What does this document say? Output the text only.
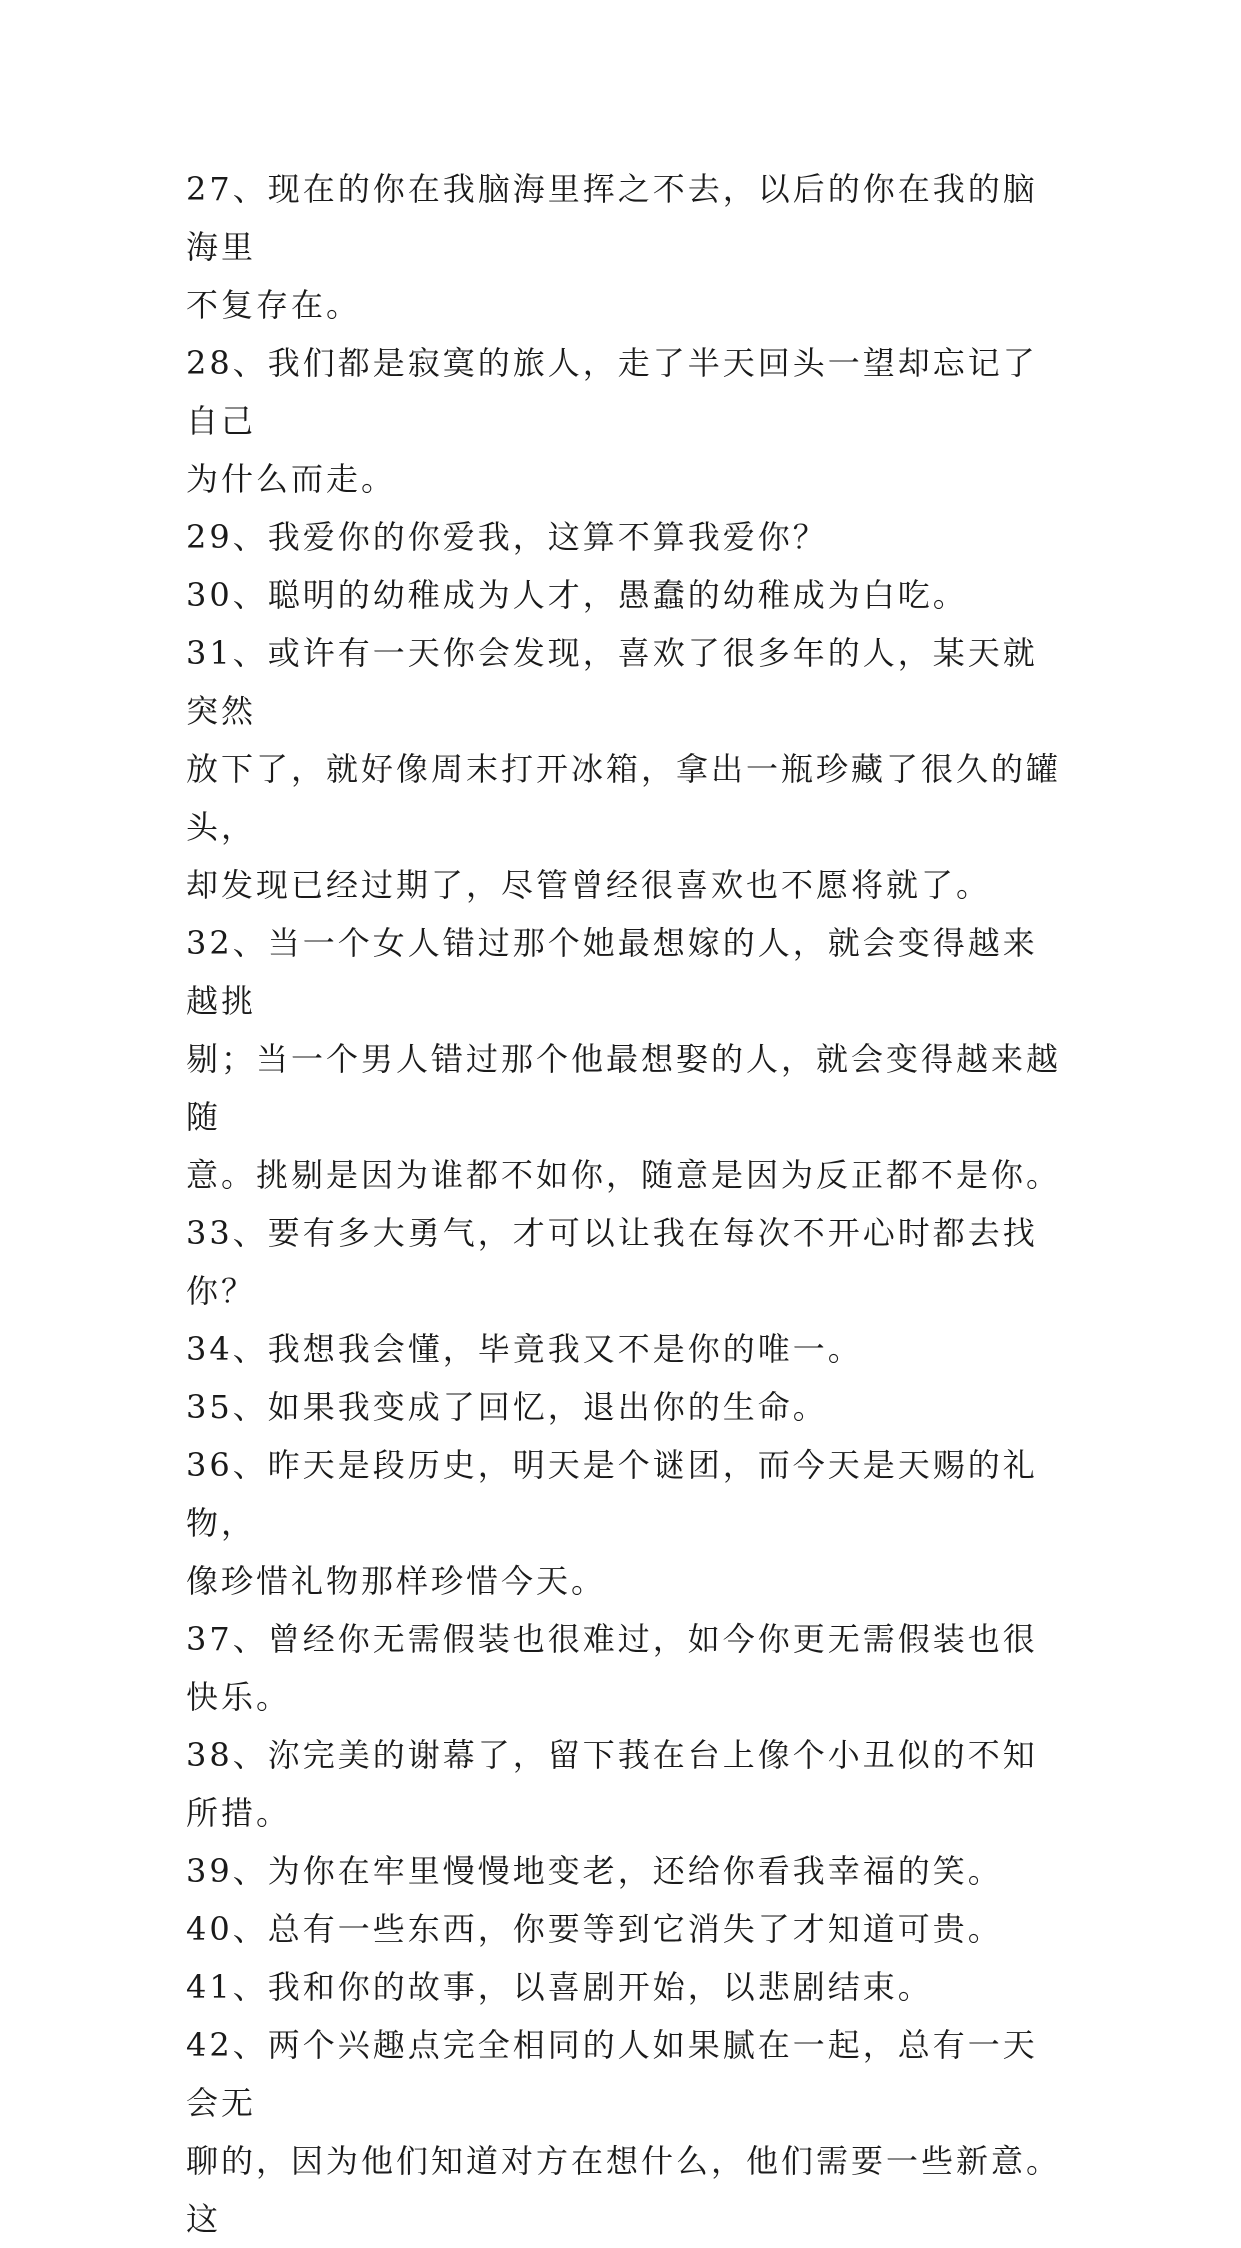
27、现在的你在我脑海里挥之不去，以后的你在我的脑海里

不复存在。

28、我们都是寂寞的旅人，走了半天回头一望却忘记了自己

为什么而走。

29、我爱你的你爱我，这算不算我爱你？

30、聪明的幼稚成为人才，愚蠢的幼稚成为白吃。

31、或许有一天你会发现，喜欢了很多年的人，某天就突然

放下了，就好像周末打开冰箱，拿出一瓶珍藏了很久的罐头，

却发现已经过期了，尽管曾经很喜欢也不愿将就了。

32、当一个女人错过那个她最想嫁的人，就会变得越来越挑

剔；当一个男人错过那个他最想娶的人，就会变得越来越随

意。挑剔是因为谁都不如你，随意是因为反正都不是你。

33、要有多大勇气，才可以让我在每次不开心时都去找你？

34、我想我会懂，毕竟我又不是你的唯一。

35、如果我变成了回忆，退出你的生命。

36、昨天是段历史，明天是个谜团，而今天是天赐的礼物，

像珍惜礼物那样珍惜今天。

37、曾经你无需假装也很难过，如今你更无需假装也很快乐。

38、沵完美的谢幕了，留下莪在台上像个小丑似的不知所措。

39、为你在牢里慢慢地变老，还给你看我幸福的笑。

40、总有一些东西，你要等到它消失了才知道可贵。

41、我和你的故事，以喜剧开始，以悲剧结束。

42、两个兴趣点完全相同的人如果腻在一起，总有一天会无

聊的，因为他们知道对方在想什么，他们需要一些新意。这
